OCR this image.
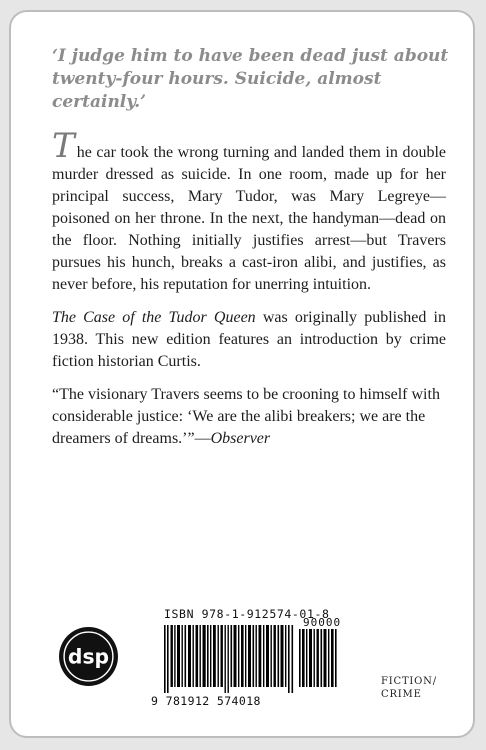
‘I judge him to have been dead just about twenty-four hours. Suicide, almost certainly.’

The car took the wrong turning and landed them in double murder dressed as suicide. In one room, made up for her principal success, Mary Tudor, was Mary Legreye—poisoned on her throne. In the next, the handyman—dead on the floor. Nothing initially justifies arrest—but Travers pursues his hunch, breaks a cast-iron alibi, and justifies, as never before, his reputation for unerring intuition.

The Case of the Tudor Queen was originally published in 1938. This new edition features an introduction by crime fiction historian Curtis.

“The visionary Travers seems to be crooning to himself with considerable justice: ‘We are the alibi breakers; we are the dreamers of dreams.’”—Observer

ISBN 978-1-912574-01-8
90000
9 781912 574018
dsp
FICTION/
CRIME
